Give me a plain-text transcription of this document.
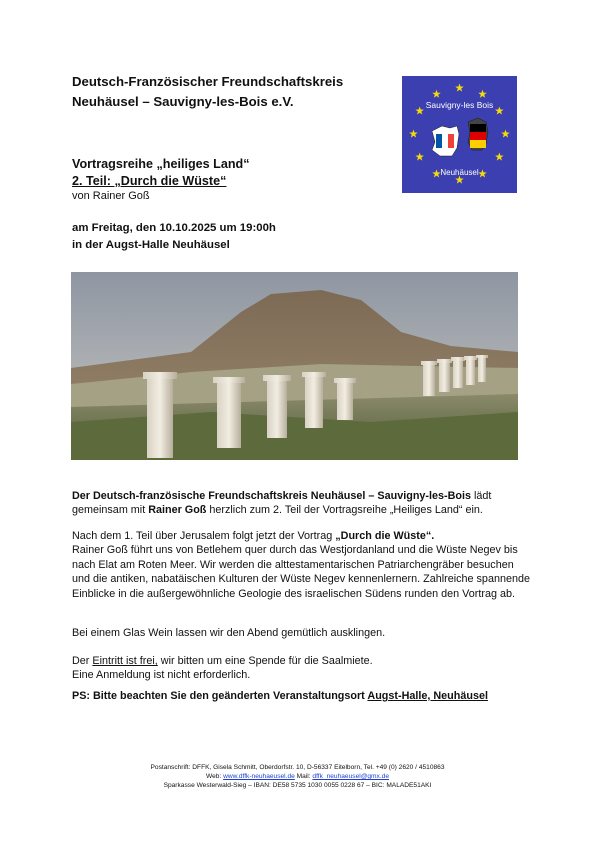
Deutsch-Französischer Freundschaftskreis
Neuhäusel – Sauvigny-les-Bois e.V.	Sauvigny-les Bois
Neuhäusel
Vortragsreihe „heiliges Land“
2. Teil: „Durch die Wüste“
von Rainer Goß
am Freitag, den 10.10.2025 um 19:00h
in der Augst-Halle Neuhäusel
Der Deutsch-französische Freundschaftskreis Neuhäusel – Sauvigny-les-Bois lädt gemeinsam mit Rainer Goß herzlich zum 2. Teil der Vortragsreihe „Heiliges Land“ ein.
Nach dem 1. Teil über Jerusalem folgt jetzt der Vortrag „Durch die Wüste“.
Rainer Goß führt uns von Betlehem quer durch das Westjordanland und die Wüste Negev bis nach Elat am Roten Meer. Wir werden die alttestamentarischen Patriarchengräber besuchen und die antiken, nabatäischen Kulturen der Wüste Negev kennenlernern. Zahlreiche spannende Einblicke in die außergewöhnliche Geologie des israelischen Südens runden den Vortrag ab.
Bei einem Glas Wein lassen wir den Abend gemütlich ausklingen.
Der Eintritt ist frei, wir bitten um eine Spende für die Saalmiete.
Eine Anmeldung ist nicht erforderlich.
PS: Bitte beachten Sie den geänderten Veranstaltungsort Augst-Halle, Neuhäusel
Postanschrift: DFFK, Gisela Schmitt, Oberdorfstr. 10, D-56337 Eitelborn, Tel. +49 (0) 2620 / 4510863
Web: www.dffk-neuhaeusel.de Mail: dffk_neuhaeusel@gmx.de
Sparkasse Westerwald-Sieg – IBAN: DE58 5735 1030 0055 0228 67 – BIC: MALADE51AKI
